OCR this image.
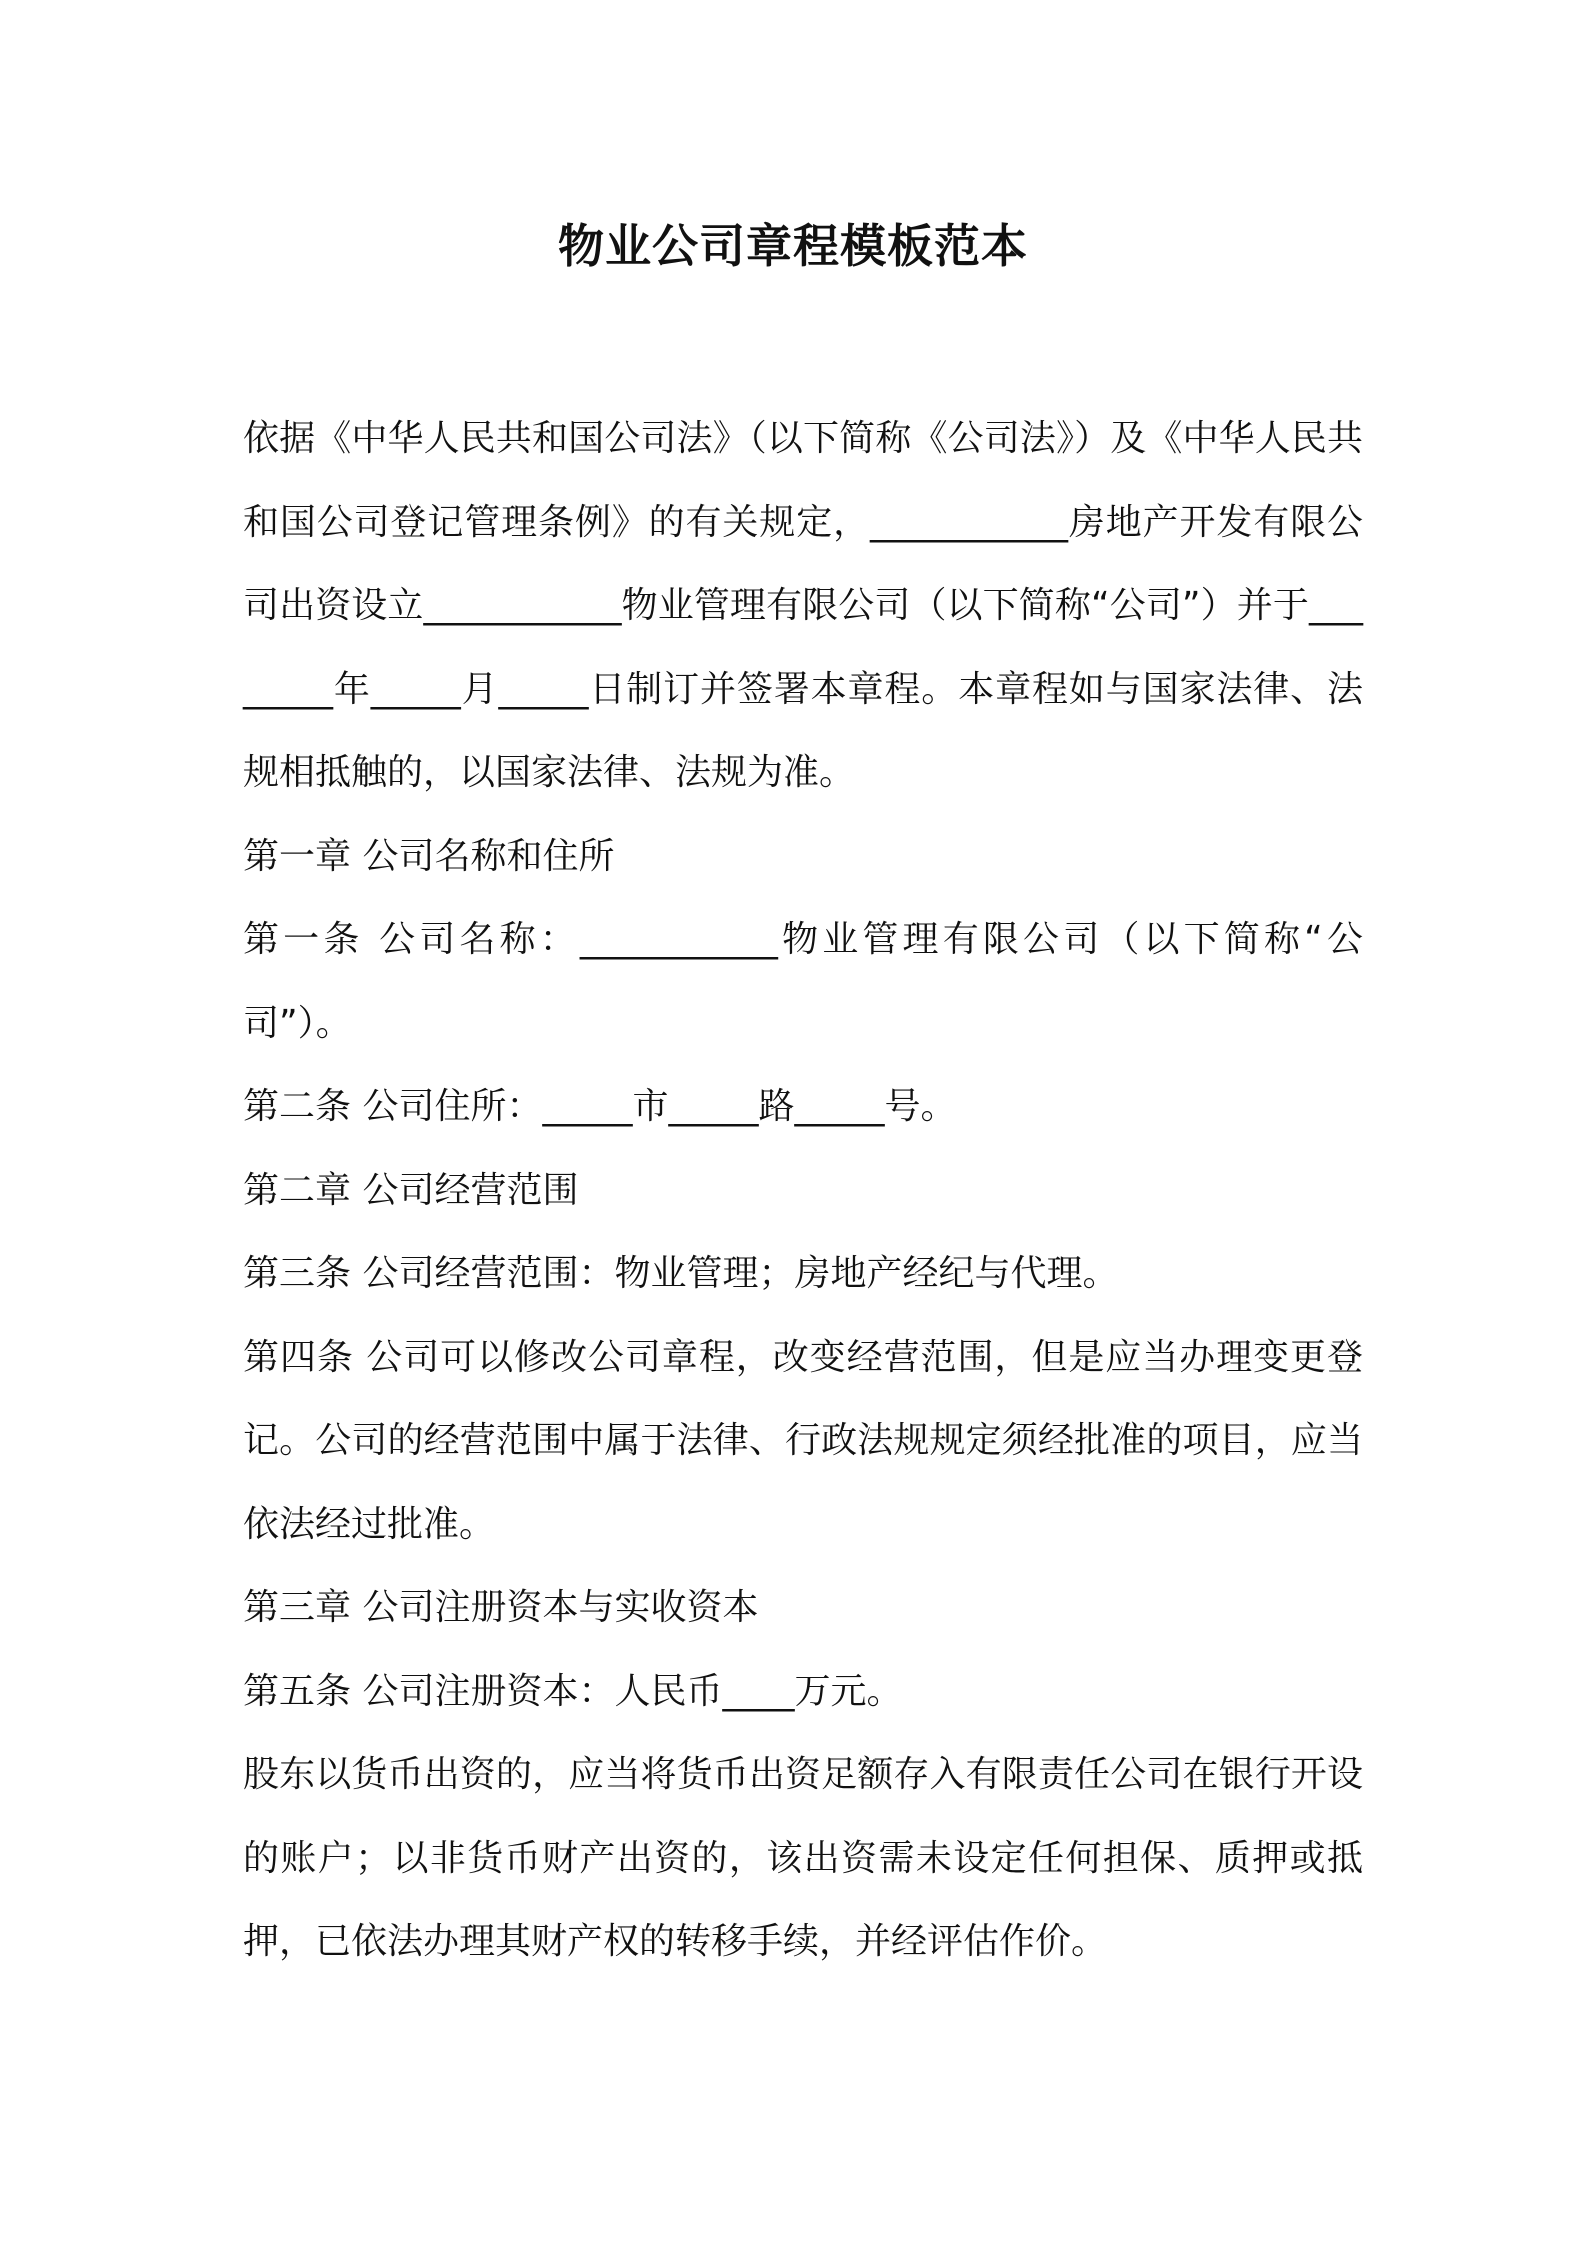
物业公司章程模板范本

依据《中华人民共和国公司法》（以下简称《公司法》）及《中华人民共和国公司登记管理条例》的有关规定，___________房地产开发有限公司出资设立___________物业管理有限公司（以下简称“公司”）并于________年_____月_____日制订并签署本章程。本章程如与国家法律、法规相抵触的，以国家法律、法规为准。

第一章 公司名称和住所

第一条 公司名称：___________物业管理有限公司（以下简称“公司”）。

第二条 公司住所：_____市_____路_____号。

第二章 公司经营范围

第三条 公司经营范围：物业管理；房地产经纪与代理。

第四条 公司可以修改公司章程，改变经营范围，但是应当办理变更登记。公司的经营范围中属于法律、行政法规规定须经批准的项目，应当依法经过批准。

第三章 公司注册资本与实收资本

第五条 公司注册资本：人民币____万元。

股东以货币出资的，应当将货币出资足额存入有限责任公司在银行开设的账户；以非货币财产出资的，该出资需未设定任何担保、质押或抵押，已依法办理其财产权的转移手续，并经评估作价。
